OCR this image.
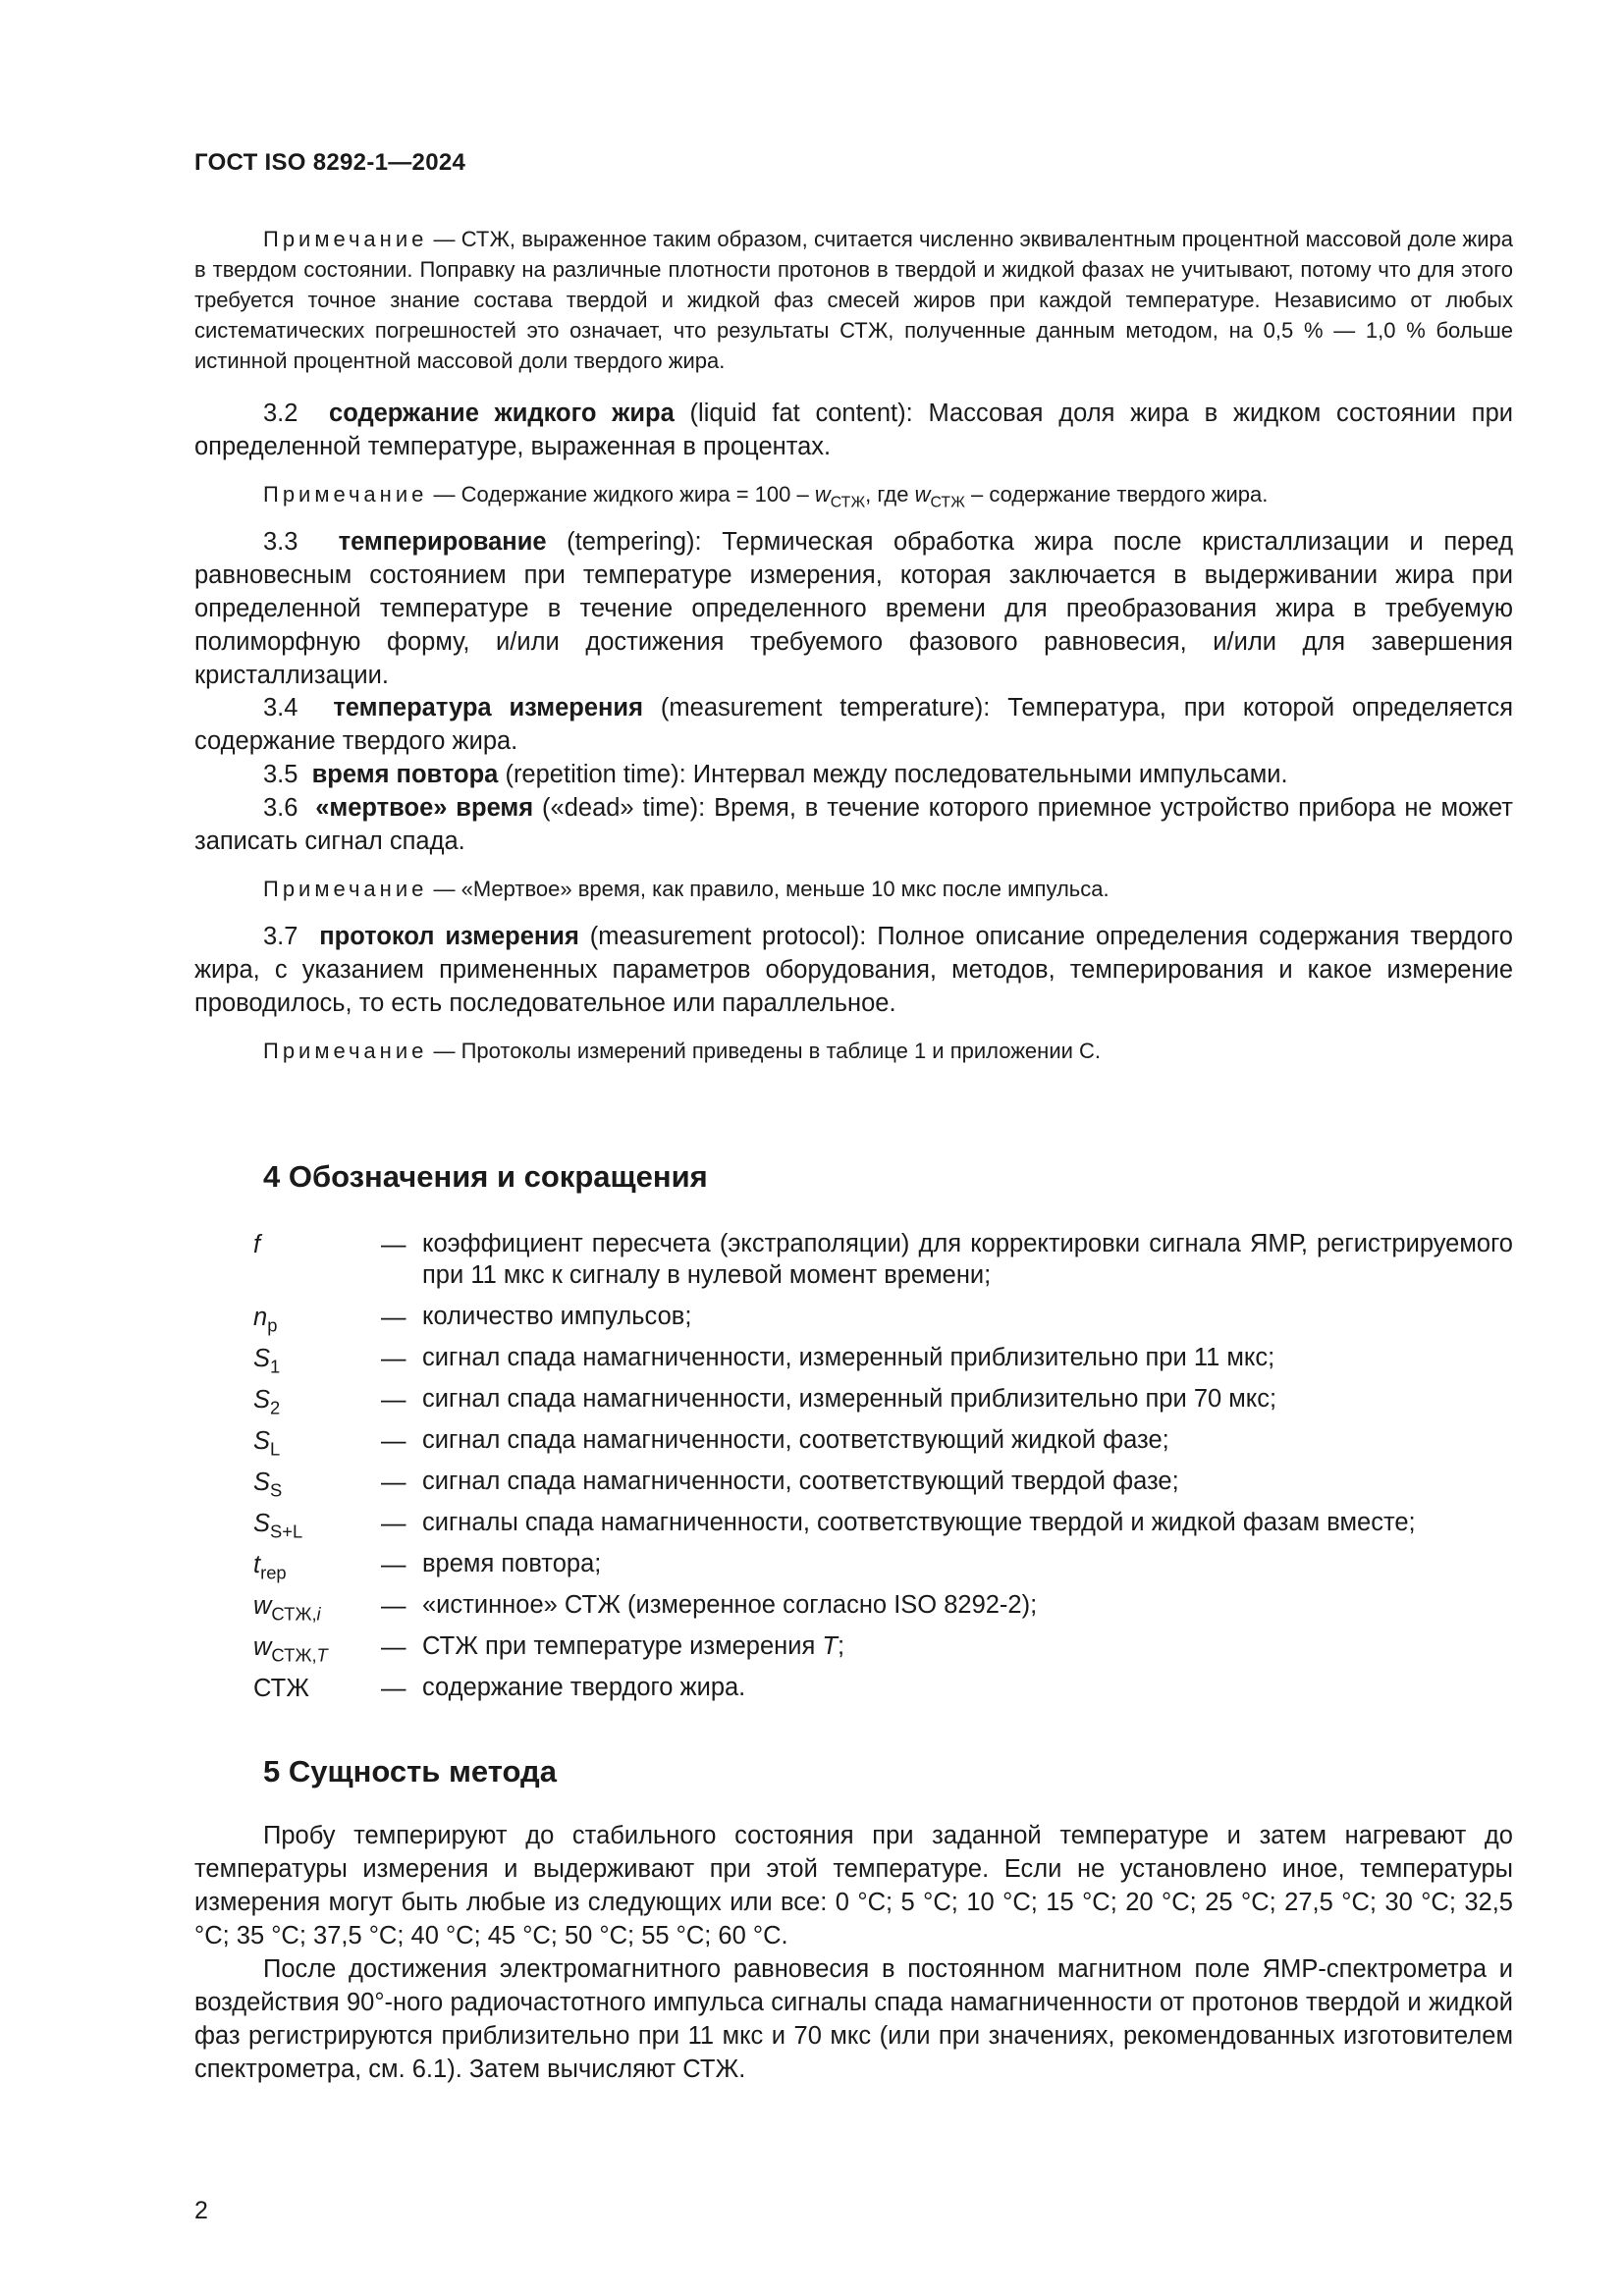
ГОСТ ISO 8292-1—2024

Примечание — СТЖ, выраженное таким образом, считается численно эквивалентным процентной массовой доле жира в твердом состоянии. Поправку на различные плотности протонов в твердой и жидкой фазах не учитывают, потому что для этого требуется точное знание состава твердой и жидкой фаз смесей жиров при каждой температуре. Независимо от любых систематических погрешностей это означает, что результаты СТЖ, полученные данным методом, на 0,5 % — 1,0 % больше истинной процентной массовой доли твердого жира.

3.2 содержание жидкого жира (liquid fat content): Массовая доля жира в жидком состоянии при определенной температуре, выраженная в процентах.

Примечание — Содержание жидкого жира = $100 - w_{СТЖ}$, где $w_{СТЖ}$ – содержание твердого жира.

3.3 темперирование (tempering): Термическая обработка жира после кристаллизации и перед равновесным состоянием при температуре измерения, которая заключается в выдерживании жира при определенной температуре в течение определенного времени для преобразования жира в требуемую полиморфную форму, и/или достижения требуемого фазового равновесия, и/или для завершения кристаллизации.

3.4 температура измерения (measurement temperature): Температура, при которой определяется содержание твердого жира.

3.5 время повтора (repetition time): Интервал между последовательными импульсами.

3.6 «мертвое» время («dead» time): Время, в течение которого приемное устройство прибора не может записать сигнал спада.

Примечание — «Мертвое» время, как правило, меньше 10 мкс после импульса.

3.7 протокол измерения (measurement protocol): Полное описание определения содержания твердого жира, с указанием примененных параметров оборудования, методов, темперирования и какое измерение проводилось, то есть последовательное или параллельное.

Примечание — Протоколы измерений приведены в таблице 1 и приложении С.

4 Обозначения и сокращения
f	— коэффициент пересчета (экстраполяции) для корректировки сигнала ЯМР, регистрируемого при 11 мкс к сигналу в нулевой момент времени;
$n_p$	— количество импульсов;
$S_1$	— сигнал спада намагниченности, измеренный приблизительно при 11 мкс;
$S_2$	— сигнал спада намагниченности, измеренный приблизительно при 70 мкс;
$S_L$	— сигнал спада намагниченности, соответствующий жидкой фазе;
$S_S$	— сигнал спада намагниченности, соответствующий твердой фазе;
$S_{S+L}$	— сигналы спада намагниченности, соответствующие твердой и жидкой фазам вместе;
$t_{rep}$	— время повтора;
$w_{СТЖ,i}$ — «истинное» СТЖ (измеренное согласно ISO 8292-2);
$w_{СТЖ,T}$ — СТЖ при температуре измерения T;
СТЖ	— содержание твердого жира.
5 Сущность метода

Пробу темперируют до стабильного состояния при заданной температуре и затем нагревают до температуры измерения и выдерживают при этой температуре. Если не установлено иное, температуры измерения могут быть любые из следующих или все: 0 °C; 5 °C; 10 °C; 15 °C; 20 °C; 25 °C; 27,5 °C; 30 °C; 32,5 °C; 35 °C; 37,5 °C; 40 °C; 45 °C; 50 °C; 55 °C; 60 °C.

После достижения электромагнитного равновесия в постоянном магнитном поле ЯМР-спектрометра и воздействия 90°-ного радиочастотного импульса сигналы спада намагниченности от протонов твердой и жидкой фаз регистрируются приблизительно при 11 мкс и 70 мкс (или при значениях, рекомендованных изготовителем спектрометра, см. 6.1). Затем вычисляют СТЖ.

2
